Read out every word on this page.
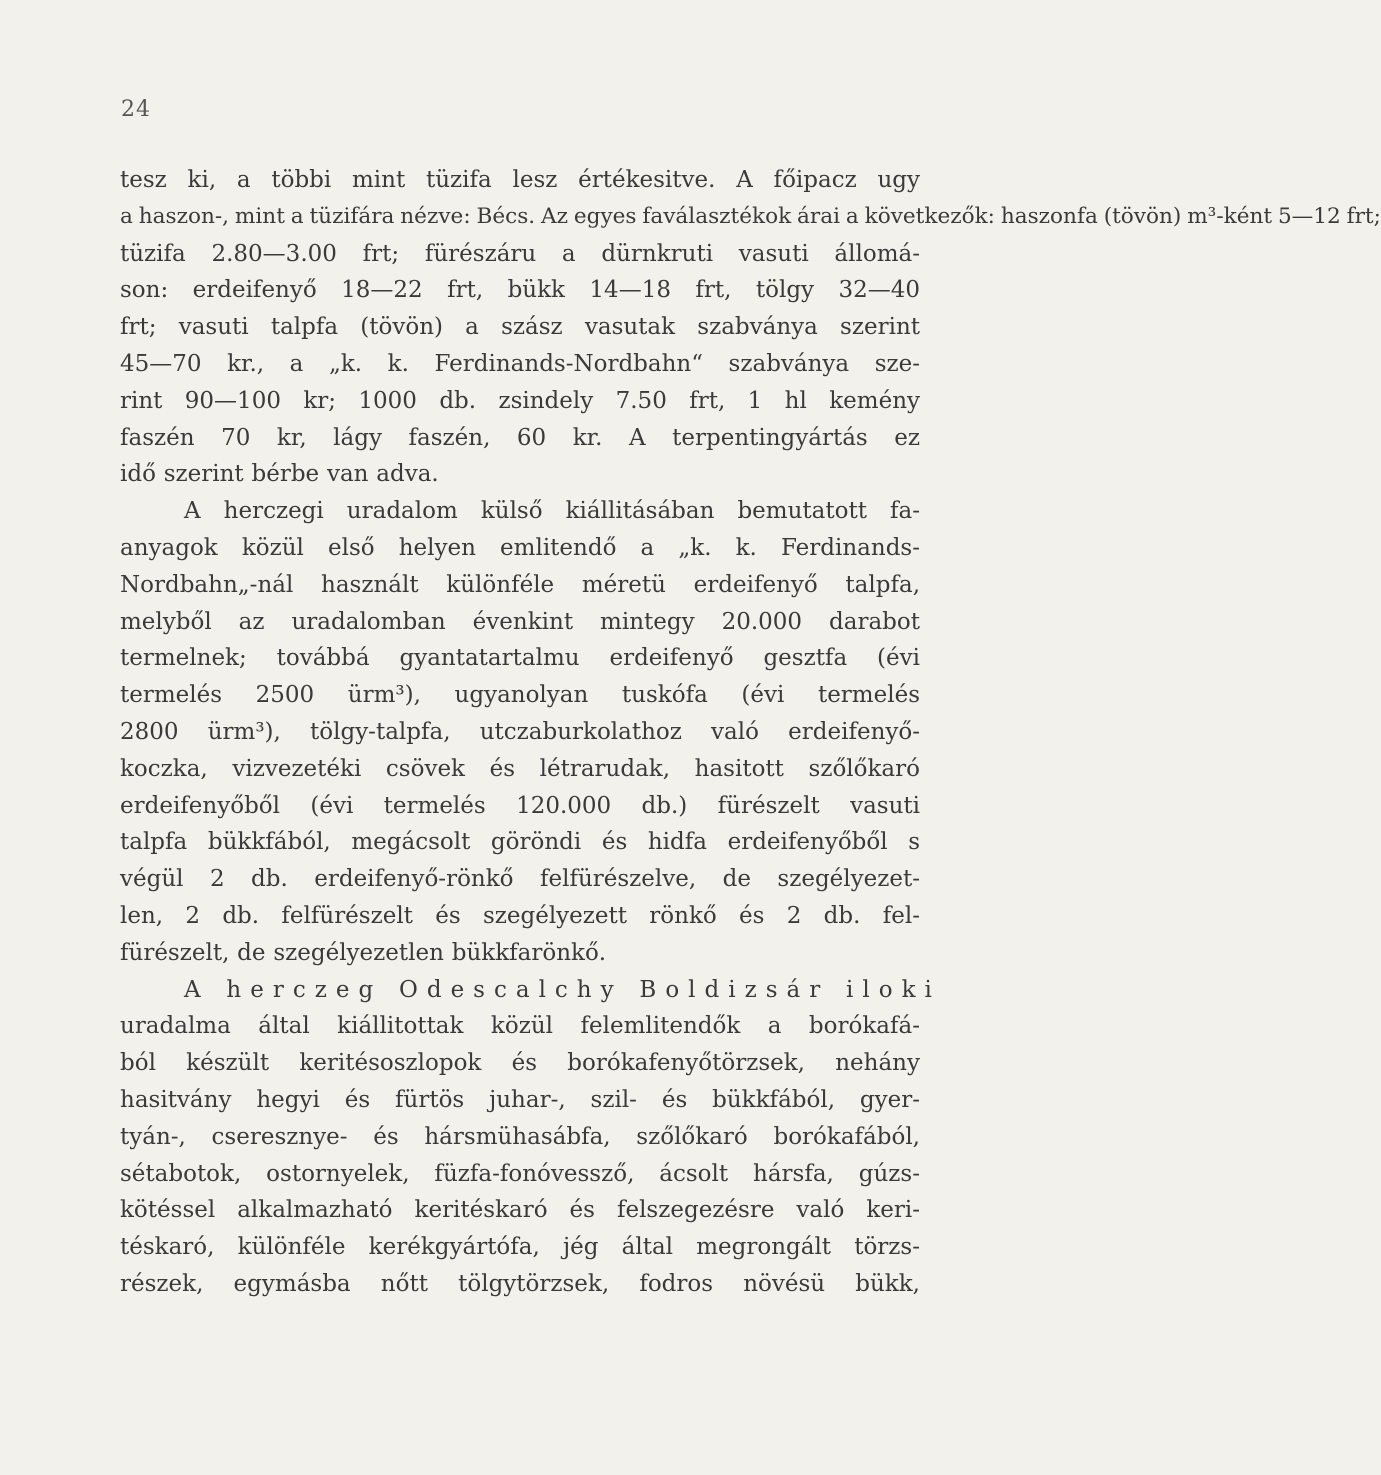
24
tesz ki, a többi mint tüzifa lesz értékesitve. A főipacz ugy
a haszon-, mint a tüzifára nézve: Bécs. Az egyes faválasztékok árai a következők: haszonfa (tövön) m³-ként 5—12 frt;
tüzifa 2.80—3.00 frt; fürészáru a dürnkruti vasuti állomá-
son: erdeifenyő 18—22 frt, bükk 14—18 frt, tölgy 32—40
frt; vasuti talpfa (tövön) a szász vasutak szabványa szerint
45—70 kr., a „k. k. Ferdinands-Nordbahn“ szabványa sze-
rint 90—100 kr; 1000 db. zsindely 7.50 frt, 1 hl kemény
faszén 70 kr, lágy faszén, 60 kr. A terpentingyártás ez
idő szerint bérbe van adva.
A herczegi uradalom külső kiállitásában bemutatott fa-
anyagok közül első helyen emlitendő a „k. k. Ferdinands-
Nordbahn„-nál használt különféle méretü erdeifenyő talpfa,
melyből az uradalomban évenkint mintegy 20.000 darabot
termelnek; továbbá gyantatartalmu erdeifenyő gesztfa (évi
termelés 2500 ürm³), ugyanolyan tuskófa (évi termelés
2800 ürm³), tölgy-talpfa, utczaburkolathoz való erdeifenyő-
koczka, vizvezetéki csövek és létrarudak, hasitott szőlőkaró
erdeifenyőből (évi termelés 120.000 db.) fürészelt vasuti
talpfa bükkfából, megácsolt göröndi és hidfa erdeifenyőből s
végül 2 db. erdeifenyő-rönkő felfürészelve, de szegélyezet-
len, 2 db. felfürészelt és szegélyezett rönkő és 2 db. fel-
fürészelt, de szegélyezetlen bükkfarönkő.
A herczeg Odescalchy Boldizsár iloki
uradalma által kiállitottak közül felemlitendők a borókafá-
ból készült keritésoszlopok és borókafenyőtörzsek, nehány
hasitvány hegyi és fürtös juhar-, szil- és bükkfából, gyer-
tyán-, cseresznye- és hársmühasábfa, szőlőkaró borókafából,
sétabotok, ostornyelek, füzfa-fonóvessző, ácsolt hársfa, gúzs-
kötéssel alkalmazható keritéskaró és felszegezésre való keri-
téskaró, különféle kerékgyártófa, jég által megrongált törzs-
részek, egymásba nőtt tölgytörzsek, fodros növésü bükk,
